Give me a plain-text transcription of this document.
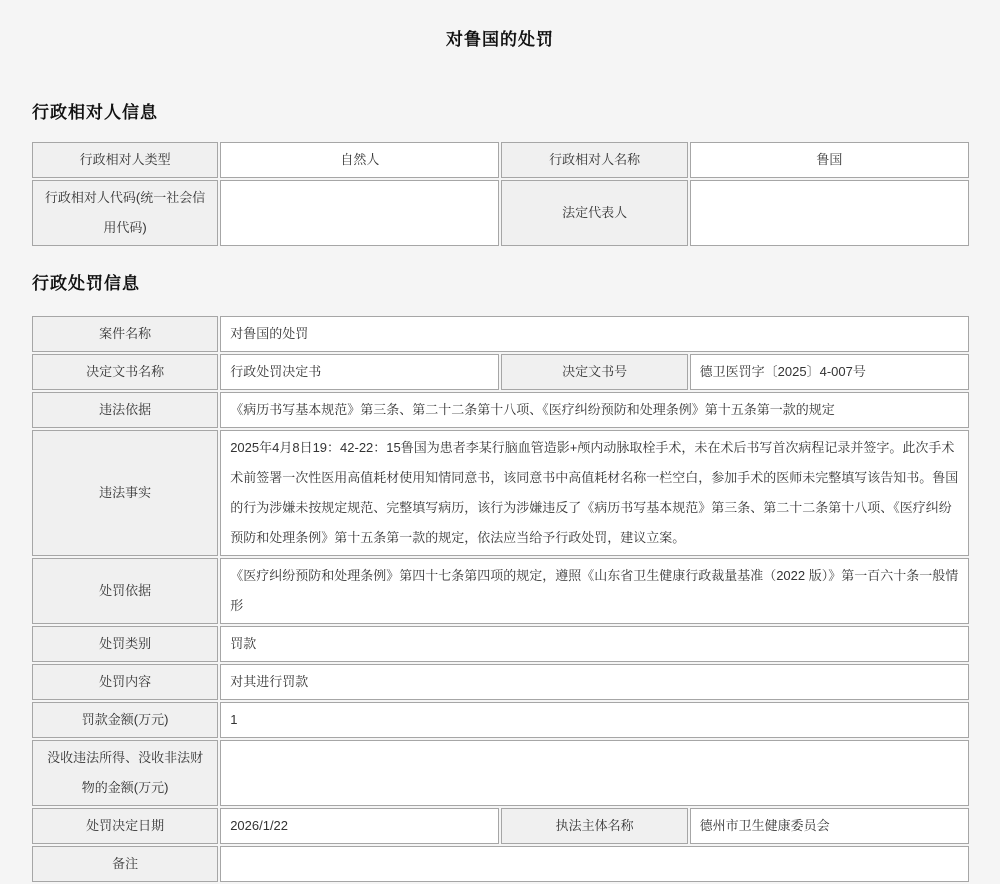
对鲁国的处罚
行政相对人信息
行政相对人类型	自然人	行政相对人名称	鲁国
行政相对人代码(统一社会信用代码)		法定代表人	
行政处罚信息
案件名称	对鲁国的处罚		
决定文书名称	行政处罚决定书	决定文书号	德卫医罚字〔2025〕4-007号
违法依据	《病历书写基本规范》第三条、第二十二条第十八项、《医疗纠纷预防和处理条例》第十五条第一款的规定		
违法事实	2025年4月8日19：42-22：15鲁国为患者李某行脑血管造影+颅内动脉取栓手术，未在术后书写首次病程记录并签字。此次手术术前签署一次性医用高值耗材使用知情同意书，该同意书中高值耗材名称一栏空白，参加手术的医师未完整填写该告知书。鲁国的行为涉嫌未按规定规范、完整填写病历，该行为涉嫌违反了《病历书写基本规范》第三条、第二十二条第十八项、《医疗纠纷预防和处理条例》第十五条第一款的规定，依法应当给予行政处罚，建议立案。		
处罚依据	《医疗纠纷预防和处理条例》第四十七条第四项的规定，遵照《山东省卫生健康行政裁量基准（2022 版）》第一百六十条一般情形		
处罚类别	罚款		
处罚内容	对其进行罚款		
罚款金额(万元)	1		
没收违法所得、没收非法财物的金额(万元)			
处罚决定日期	2026/1/22	执法主体名称	德州市卫生健康委员会
备注			
